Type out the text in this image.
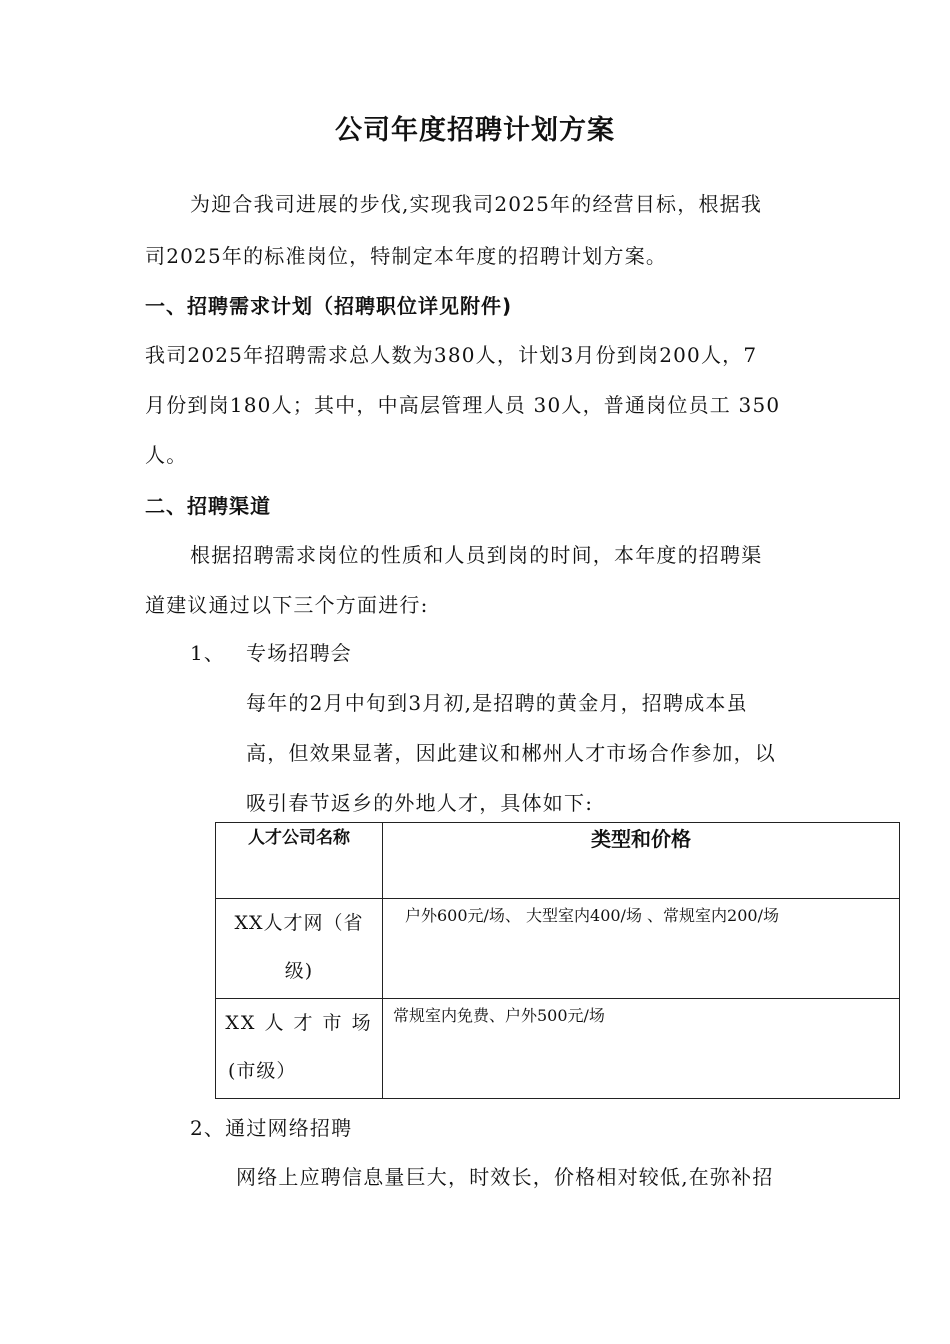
公司年度招聘计划方案
为迎合我司进展的步伐,实现我司2025年的经营目标，根据我
司2025年的标准岗位，特制定本年度的招聘计划方案。
一、招聘需求计划（招聘职位详见附件)
我司2025年招聘需求总人数为380人，计划3月份到岗200人，7
月份到岗180人；其中，中高层管理人员 30人，普通岗位员工 350
人。
二、招聘渠道
根据招聘需求岗位的性质和人员到岗的时间，本年度的招聘渠
道建议通过以下三个方面进行:
1、 专场招聘会
每年的2月中旬到3月初,是招聘的黄金月，招聘成本虽
高，但效果显著，因此建议和郴州人才市场合作参加，以
吸引春节返乡的外地人才，具体如下:
人才公司名称	类型和价格

XX人才网（省
级)	户外600元/场、 大型室内400/场 、常规室内200/场

XX 人 才 市 场
(市级）	常规室内免费、户外500元/场
2、通过网络招聘
网络上应聘信息量巨大，时效长，价格相对较低,在弥补招
